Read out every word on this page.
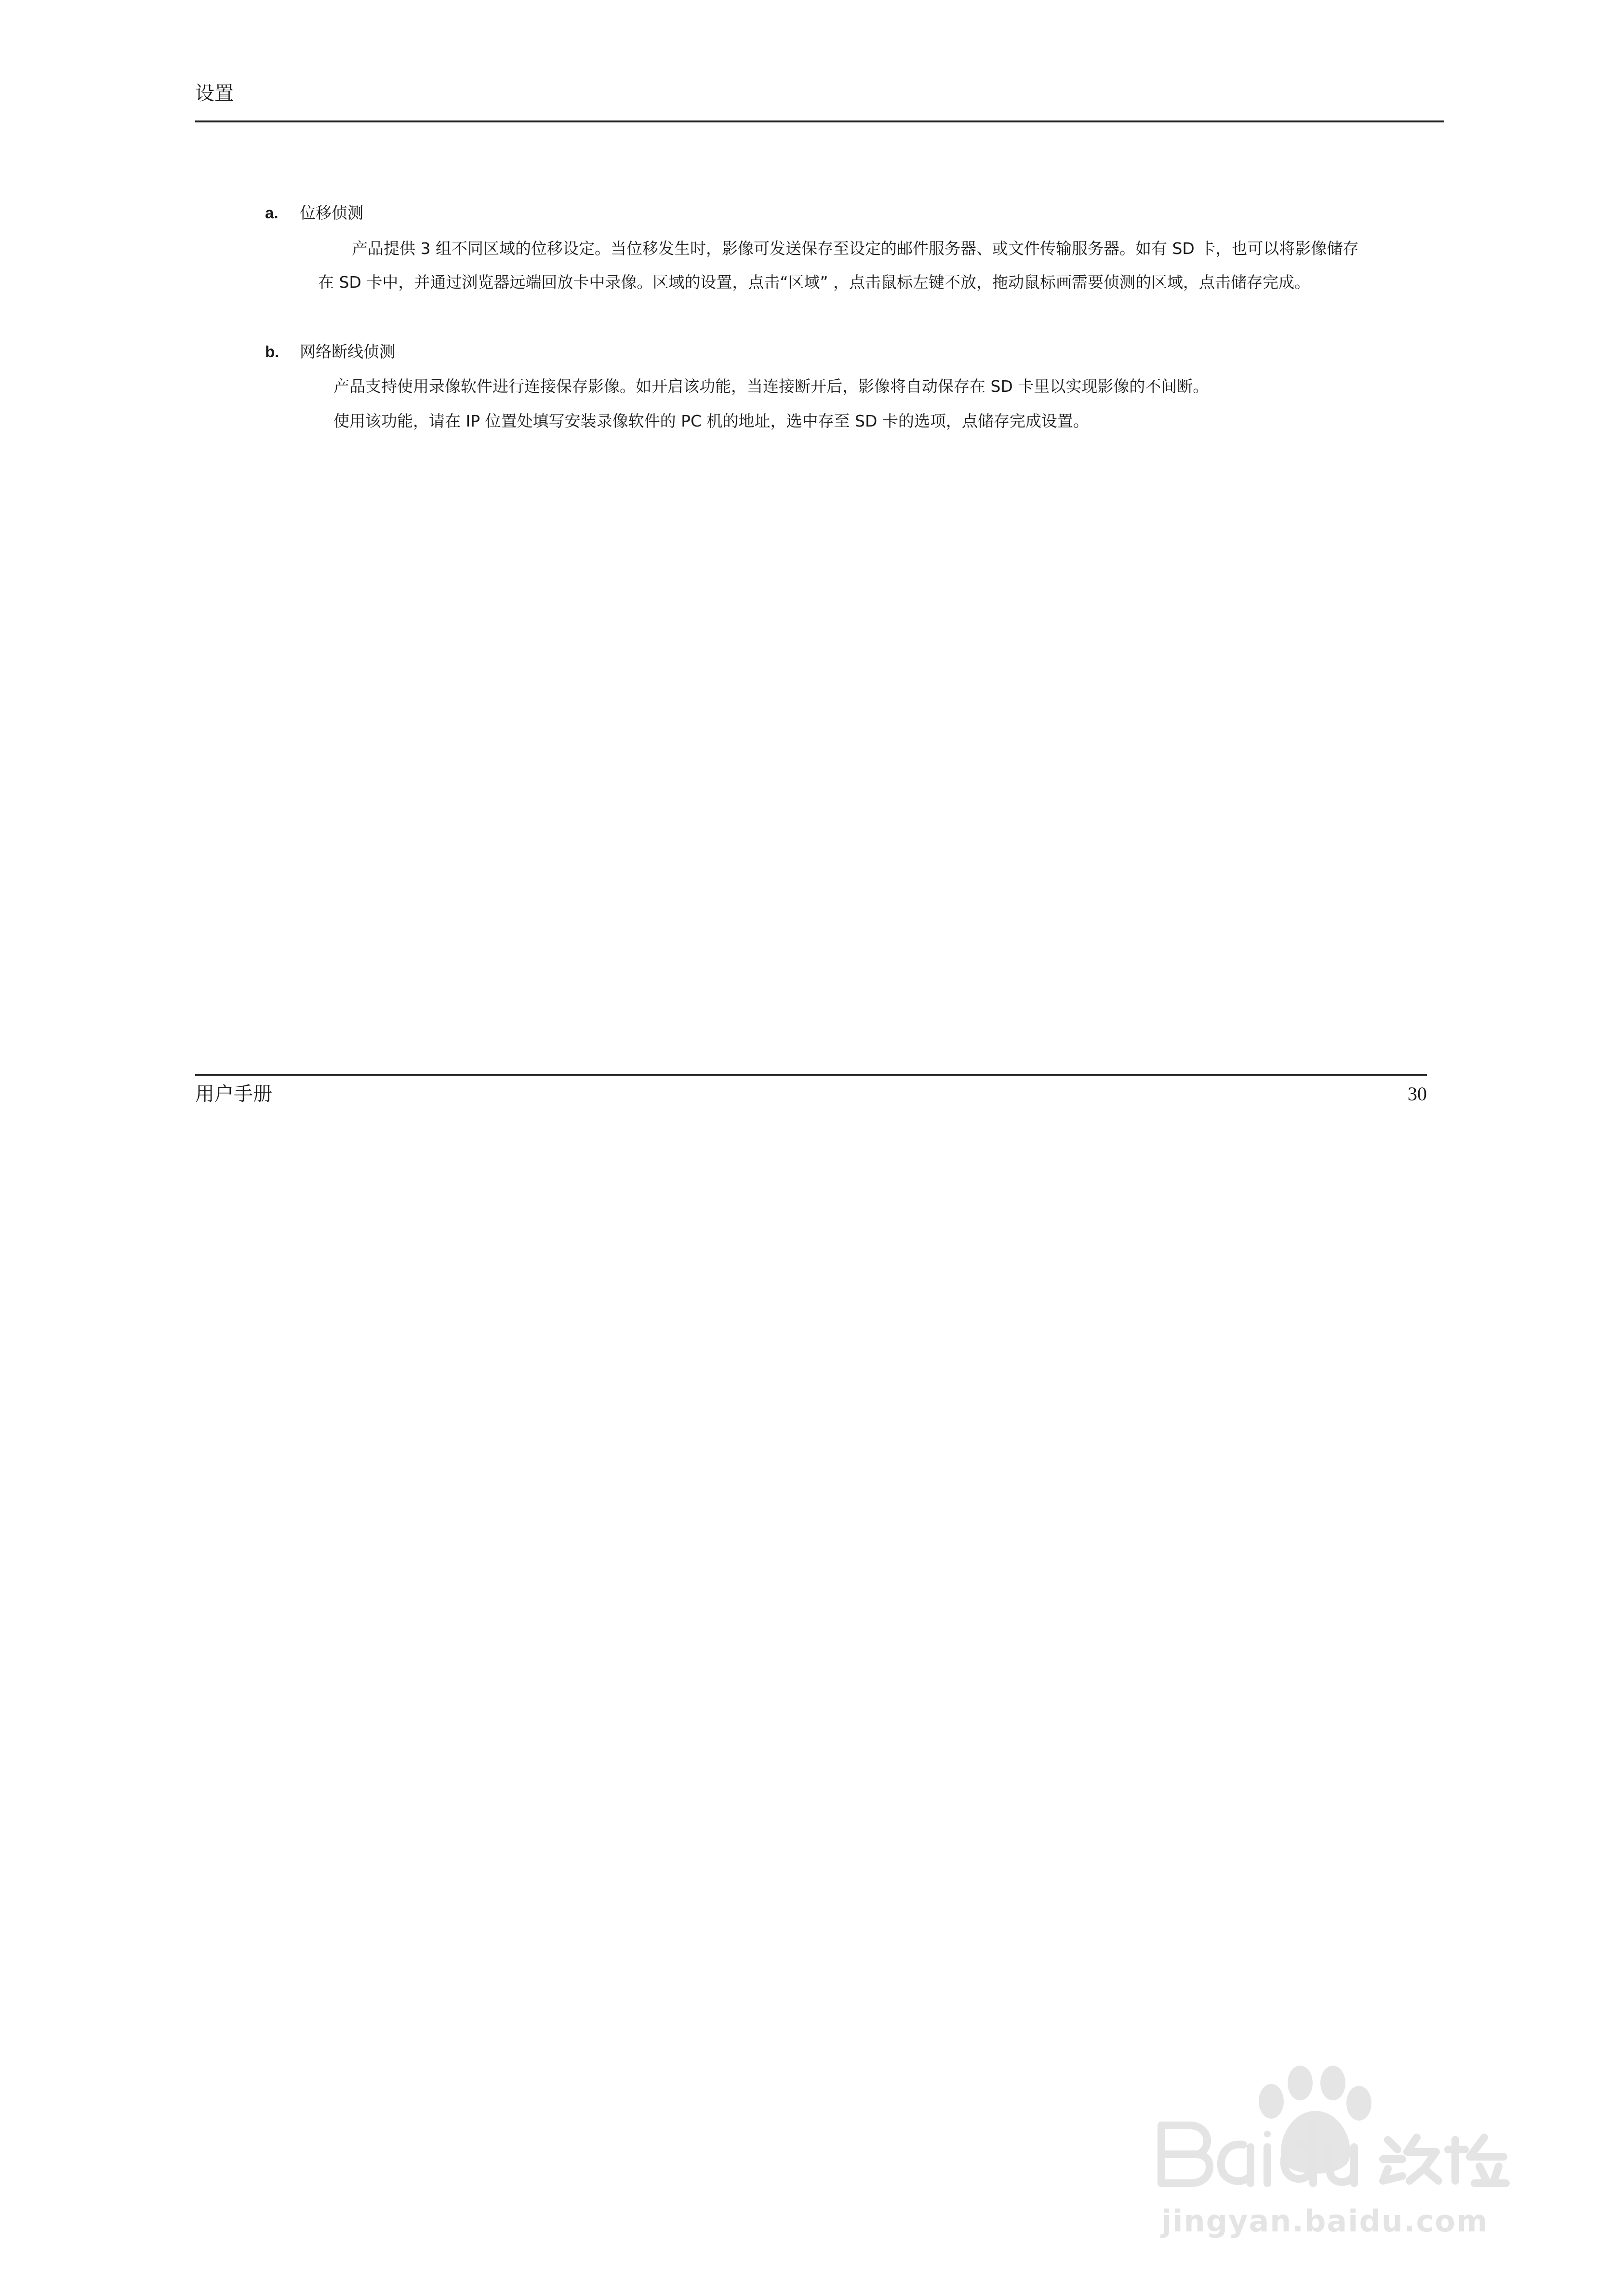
设置
a. 位移侦测
产品提供 3 组不同区域的位移设定。当位移发生时，影像可发送保存至设定的邮件服务器、或文件传输服务器。如有 SD 卡，也可以将影像储存
在 SD 卡中，并通过浏览器远端回放卡中录像。区域的设置，点击“区域” ，点击鼠标左键不放，拖动鼠标画需要侦测的区域，点击储存完成。
b. 网络断线侦测
产品支持使用录像软件进行连接保存影像。如开启该功能，当连接断开后，影像将自动保存在 SD 卡里以实现影像的不间断。
使用该功能，请在 IP 位置处填写安装录像软件的 PC 机的地址，选中存至 SD 卡的选项，点储存完成设置。
用户手册	30
jingyan.baidu.com
